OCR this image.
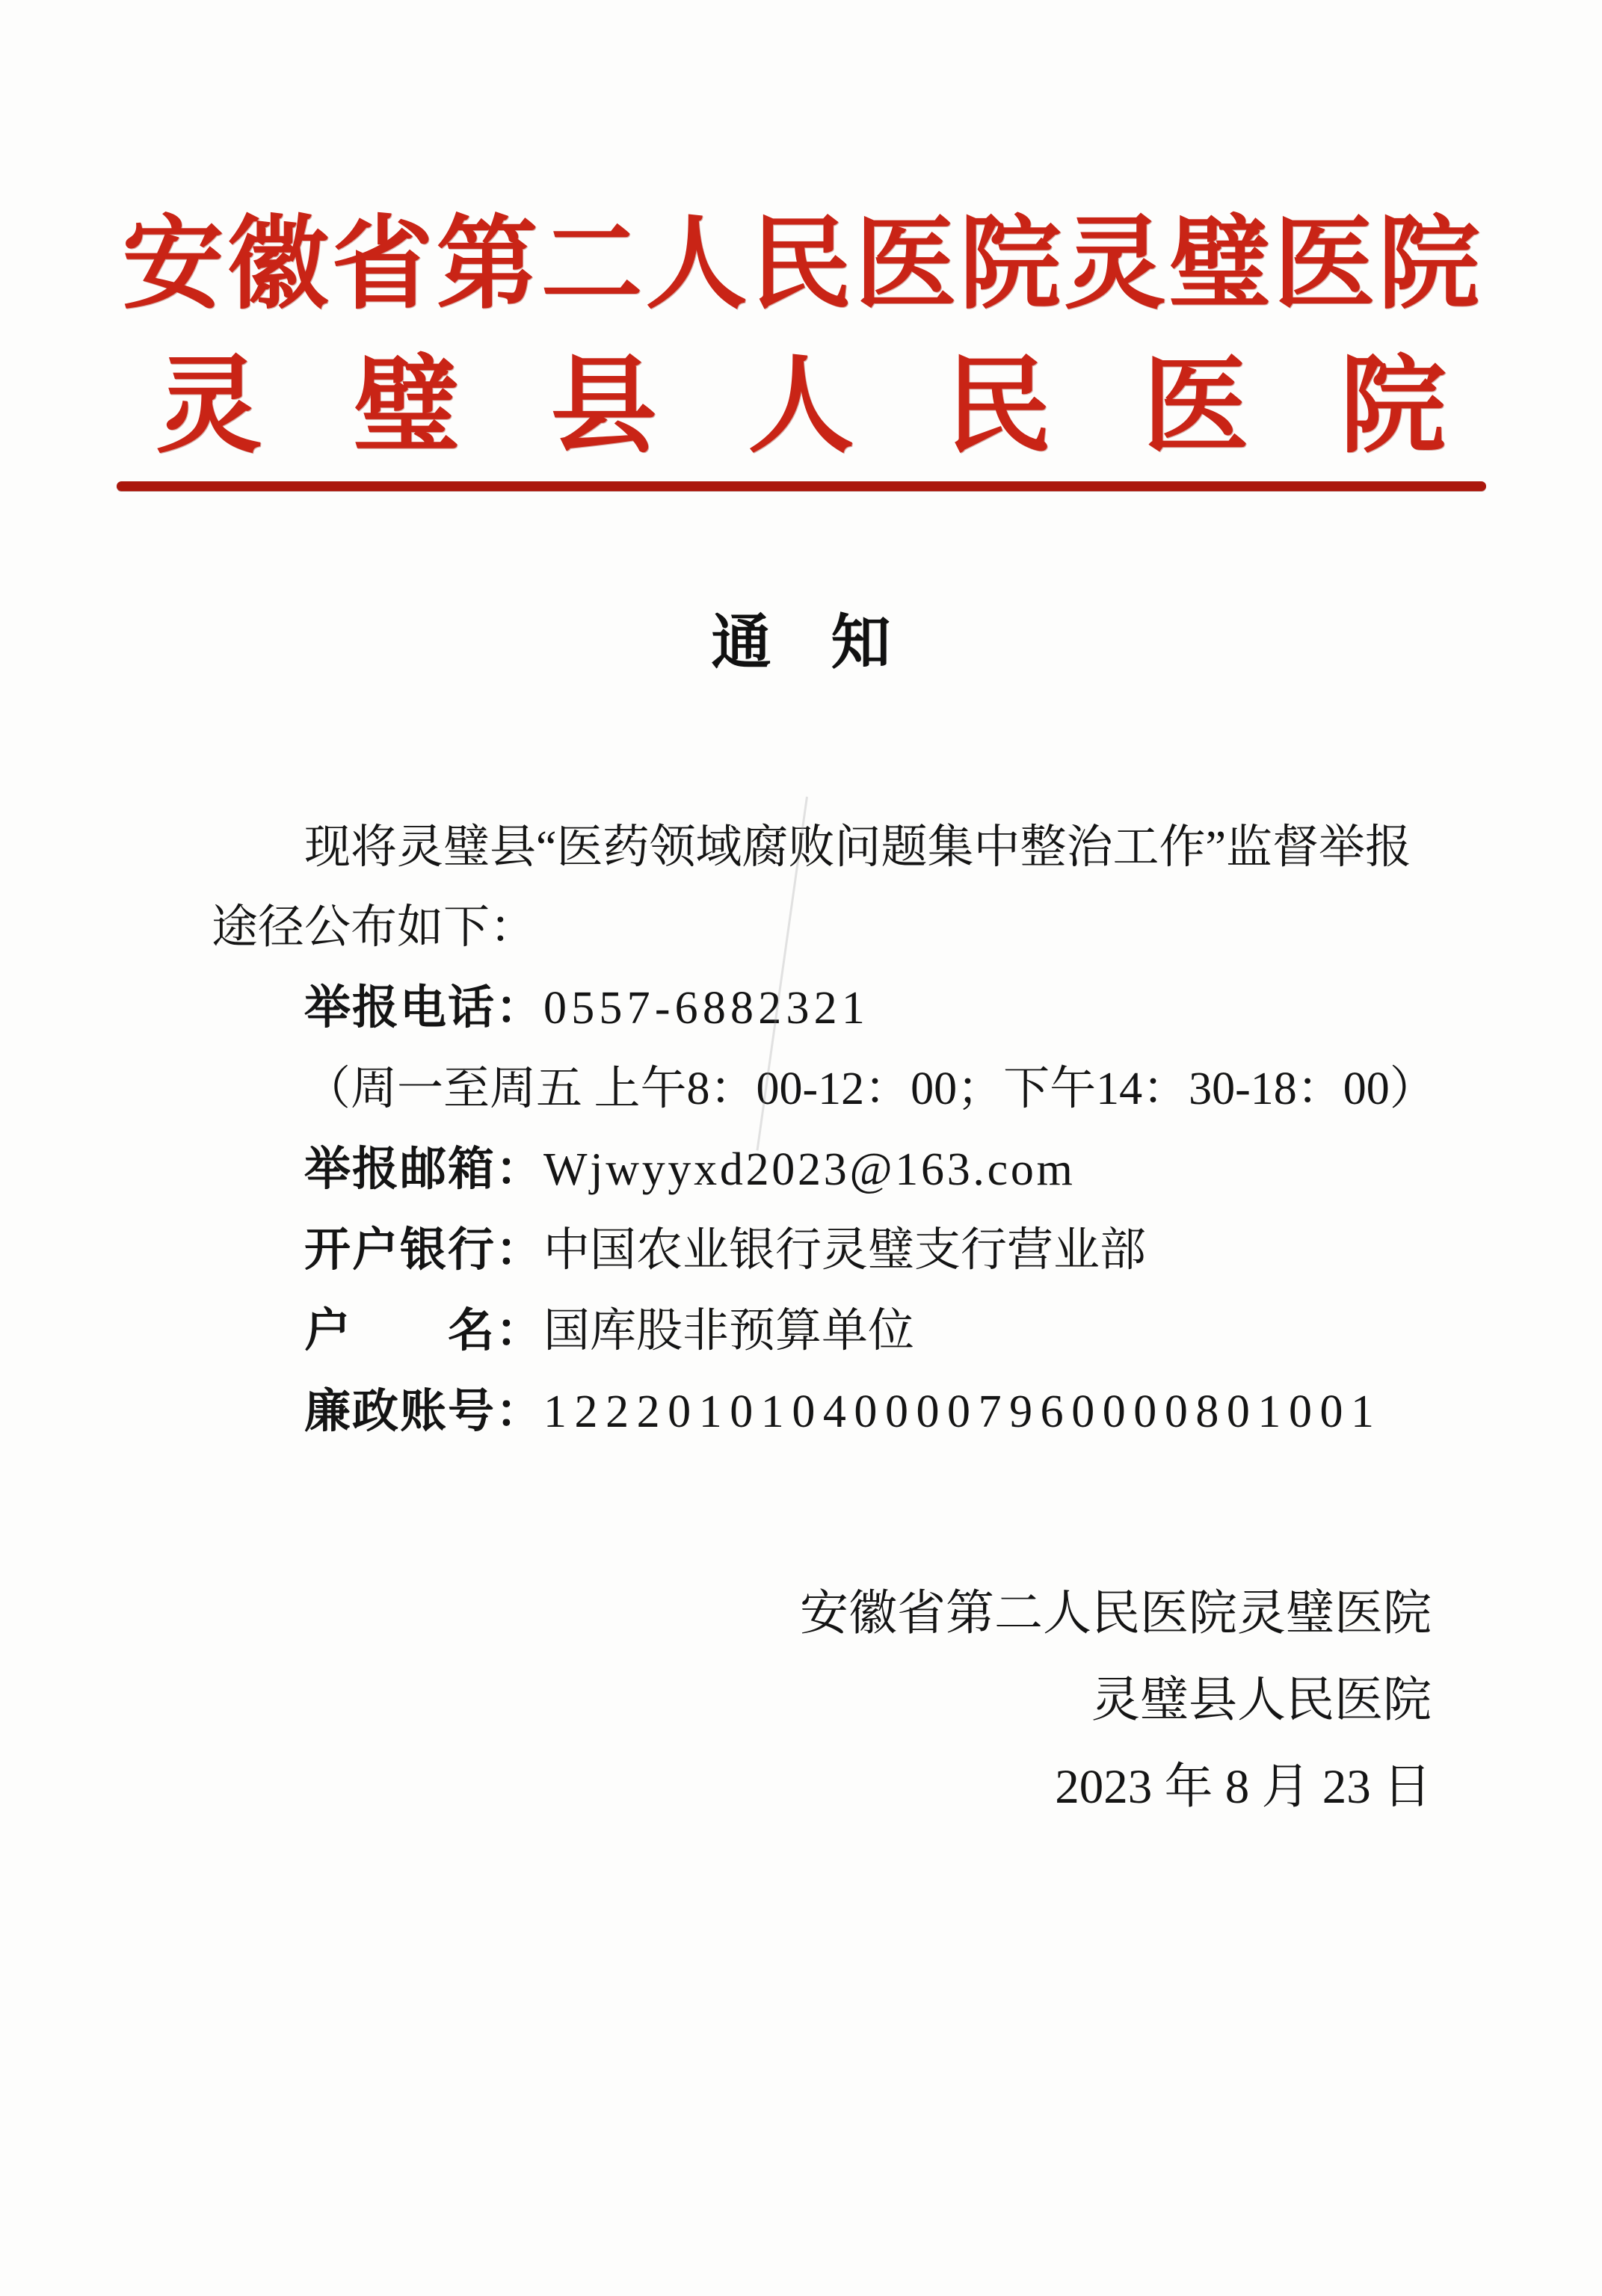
安徽省第二人民医院灵璧医院
灵璧县人民医院
通　知
现将灵璧县“医药领域腐败问题集中整治工作”监督举报
途径公布如下：
举报电话：0557-6882321
（周一至周五 上午8：00-12：00；下午14：30-18：00）
举报邮箱：Wjwyyxd2023@163.com
开户银行：中国农业银行灵璧支行营业部
户　　名：国库股非预算单位
廉政账号：122201010400007960000801001
安徽省第二人民医院灵璧医院
灵璧县人民医院
2023 年 8 月 23 日
